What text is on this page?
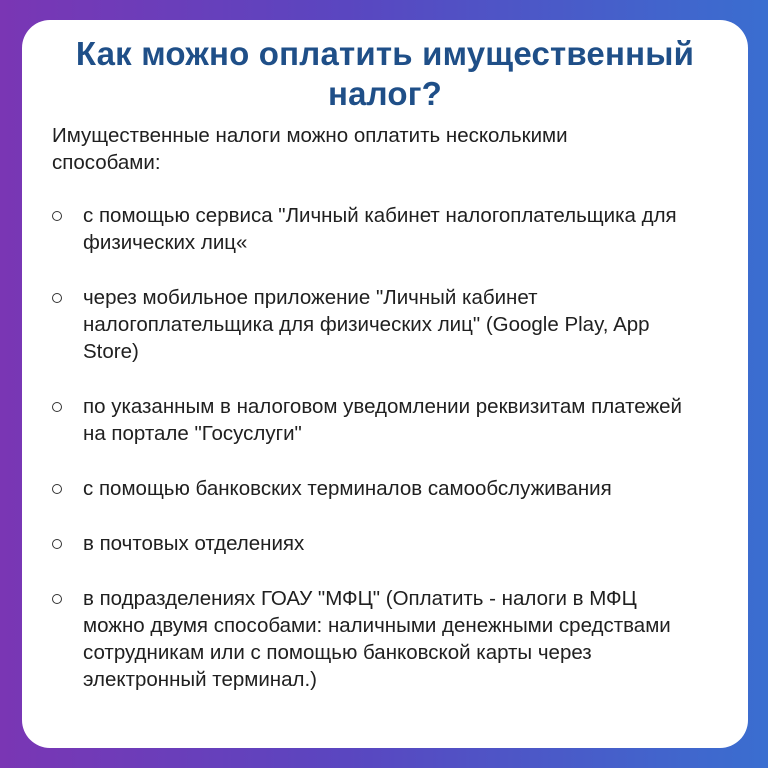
Как можно оплатить имущественный налог?

Имущественные налоги можно оплатить несколькими способами:

с помощью сервиса "Личный кабинет налогоплательщика для физических лиц«
через мобильное приложение "Личный кабинет налогоплательщика для физических лиц" (Google Play, App Store)
по указанным в налоговом уведомлении реквизитам платежей на портале "Госуслуги"
с помощью банковских терминалов самообслуживания
в почтовых отделениях
в подразделениях ГОАУ "МФЦ" (Оплатить - налоги в МФЦ можно двумя способами: наличными денежными средствами сотрудникам или с помощью банковской карты через электронный терминал.)
